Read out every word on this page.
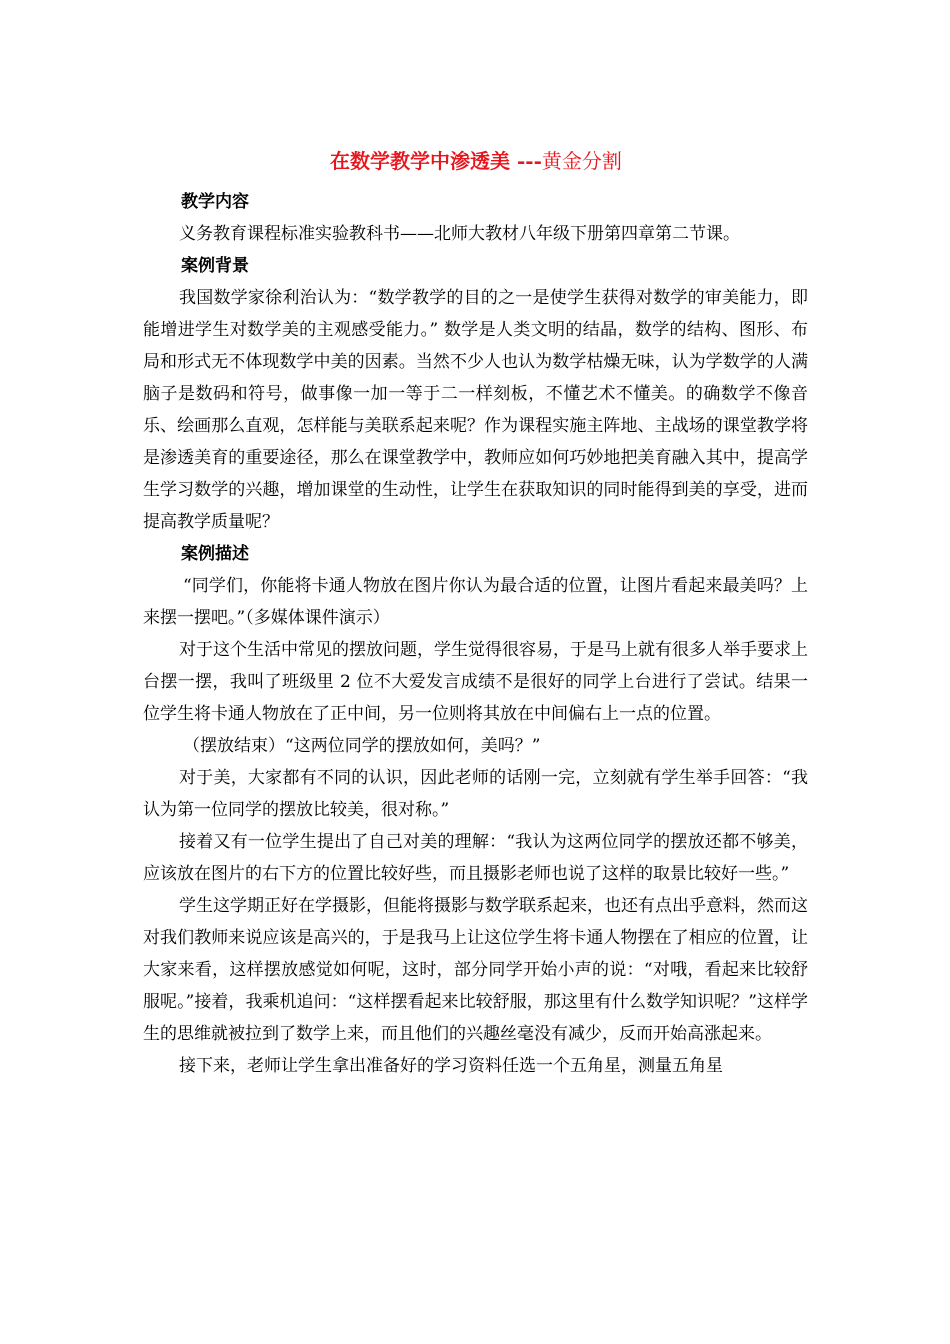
在数学教学中渗透美 ---黄金分割
教学内容

义务教育课程标准实验教科书——北师大教材八年级下册第四章第二节课。

案例背景

我国数学家徐利治认为：“数学教学的目的之一是使学生获得对数学的审美能力，即能增进学生对数学美的主观感受能力。” 数学是人类文明的结晶，数学的结构、图形、布局和形式无不体现数学中美的因素。当然不少人也认为数学枯燥无味，认为学数学的人满脑子是数码和符号，做事像一加一等于二一样刻板，不懂艺术不懂美。的确数学不像音乐、绘画那么直观，怎样能与美联系起来呢？作为课程实施主阵地、主战场的课堂教学将是渗透美育的重要途径，那么在课堂教学中，教师应如何巧妙地把美育融入其中，提高学生学习数学的兴趣，增加课堂的生动性，让学生在获取知识的同时能得到美的享受，进而提高教学质量呢？

案例描述

“同学们，你能将卡通人物放在图片你认为最合适的位置，让图片看起来最美吗？上来摆一摆吧。”（多媒体课件演示）

对于这个生活中常见的摆放问题，学生觉得很容易，于是马上就有很多人举手要求上台摆一摆，我叫了班级里 2 位不大爱发言成绩不是很好的同学上台进行了尝试。结果一位学生将卡通人物放在了正中间，另一位则将其放在中间偏右上一点的位置。

（摆放结束）“这两位同学的摆放如何，美吗？”

对于美，大家都有不同的认识，因此老师的话刚一完，立刻就有学生举手回答：“我认为第一位同学的摆放比较美，很对称。”

接着又有一位学生提出了自己对美的理解：“我认为这两位同学的摆放还都不够美，应该放在图片的右下方的位置比较好些，而且摄影老师也说了这样的取景比较好一些。”

学生这学期正好在学摄影，但能将摄影与数学联系起来，也还有点出乎意料，然而这对我们教师来说应该是高兴的，于是我马上让这位学生将卡通人物摆在了相应的位置，让大家来看，这样摆放感觉如何呢，这时，部分同学开始小声的说：“对哦，看起来比较舒服呢。”接着，我乘机追问：“这样摆看起来比较舒服，那这里有什么数学知识呢？”这样学生的思维就被拉到了数学上来，而且他们的兴趣丝毫没有减少，反而开始高涨起来。

接下来，老师让学生拿出准备好的学习资料任选一个五角星，测量五角星
